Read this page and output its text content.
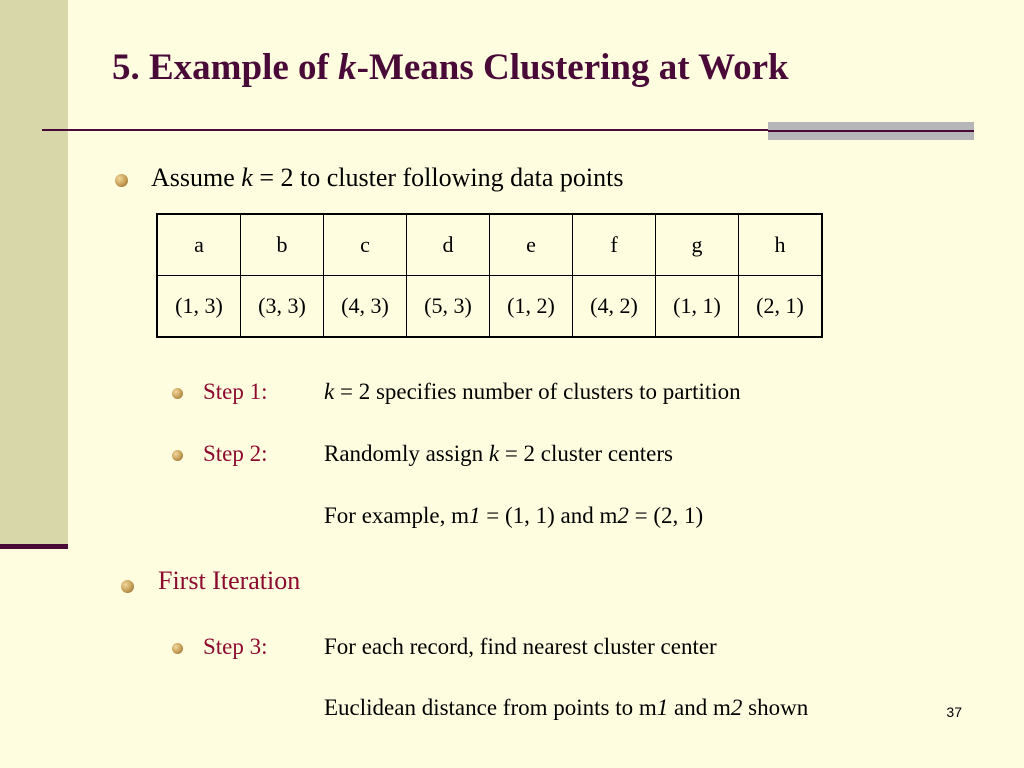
5. Example of k-Means Clustering at Work
Assume k = 2 to cluster following data points
a	b	c	d	e	f	g	h
(1, 3)	(3, 3)	(4, 3)	(5, 3)	(1, 2)	(4, 2)	(1, 1)	(2, 1)
Step 1: k = 2 specifies number of clusters to partition
Step 2: Randomly assign k = 2 cluster centers
For example, m1 = (1, 1) and m2 = (2, 1)
First Iteration
Step 3: For each record, find nearest cluster center
Euclidean distance from points to m1 and m2 shown	37
